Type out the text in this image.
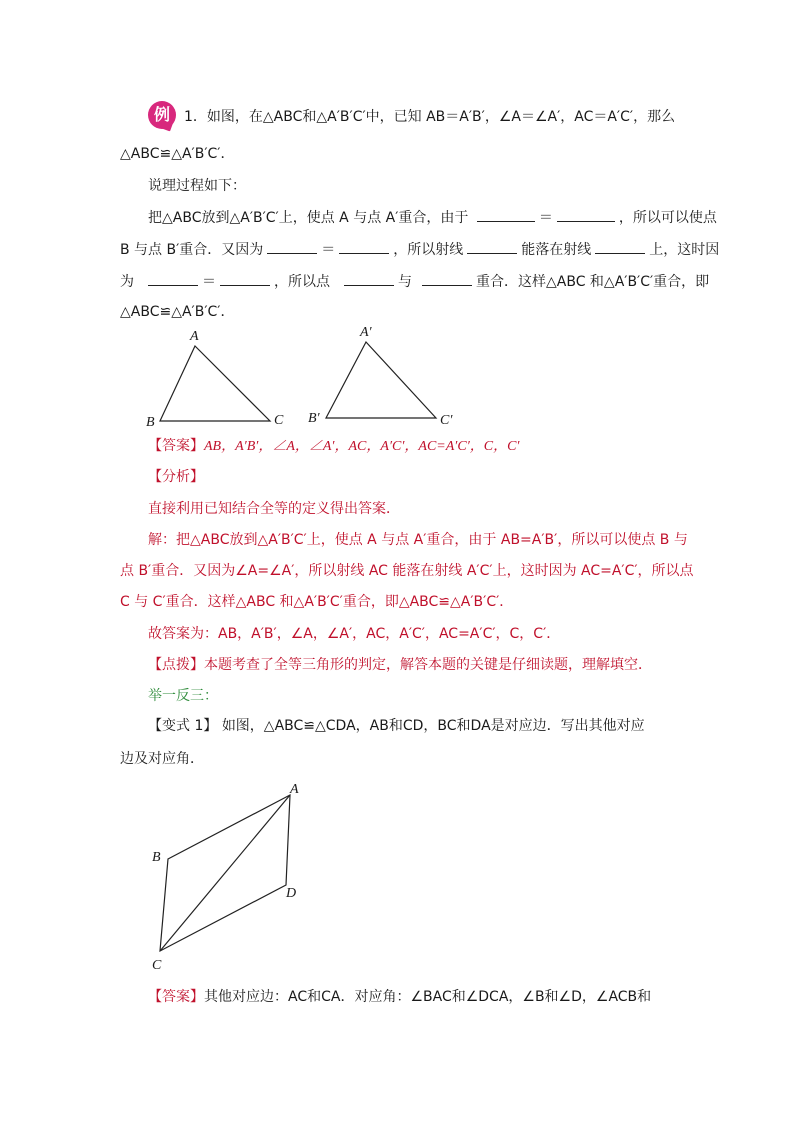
例	1．如图，在△ABC和△A′B′C′中，已知 AB＝A′B′，∠A＝∠A′，AC＝A′C′，那么
△ABC≌△A′B′C′．
说理过程如下：
把△ABC放到△A′B′C′上，使点 A 与点 A′重合，由于	＝	，所以可以使点
B 与点 B′重合．又因为	＝	，所以射线	能落在射线	上，这时因
为	＝	，所以点	与	重合．这样△ABC 和△A′B′C′重合，即
△ABC≌△A′B′C′．
A
B	C
A′
B′	C′
【答案】AB，A′B′，∠A，∠A′，AC，A′C′，AC=A′C′，C，C′
【分析】
直接利用已知结合全等的定义得出答案．
解：把△ABC放到△A′B′C′上，使点 A 与点 A′重合，由于 AB=A′B′，所以可以使点 B 与
点 B′重合．又因为∠A=∠A′，所以射线 AC 能落在射线 A′C′上，这时因为 AC=A′C′，所以点
C 与 C′重合．这样△ABC 和△A′B′C′重合，即△ABC≌△A′B′C′．
故答案为：AB，A′B′，∠A，∠A′，AC，A′C′，AC=A′C′，C，C′．
【点拨】本题考查了全等三角形的判定，解答本题的关键是仔细读题，理解填空．
举一反三：
【变式 1】 如图，△ABC≌△CDA，AB和CD，BC和DA是对应边．写出其他对应
边及对应角．
A
B
C
D
【答案】其他对应边：AC和CA．对应角：∠BAC和∠DCA，∠B和∠D，∠ACB和
